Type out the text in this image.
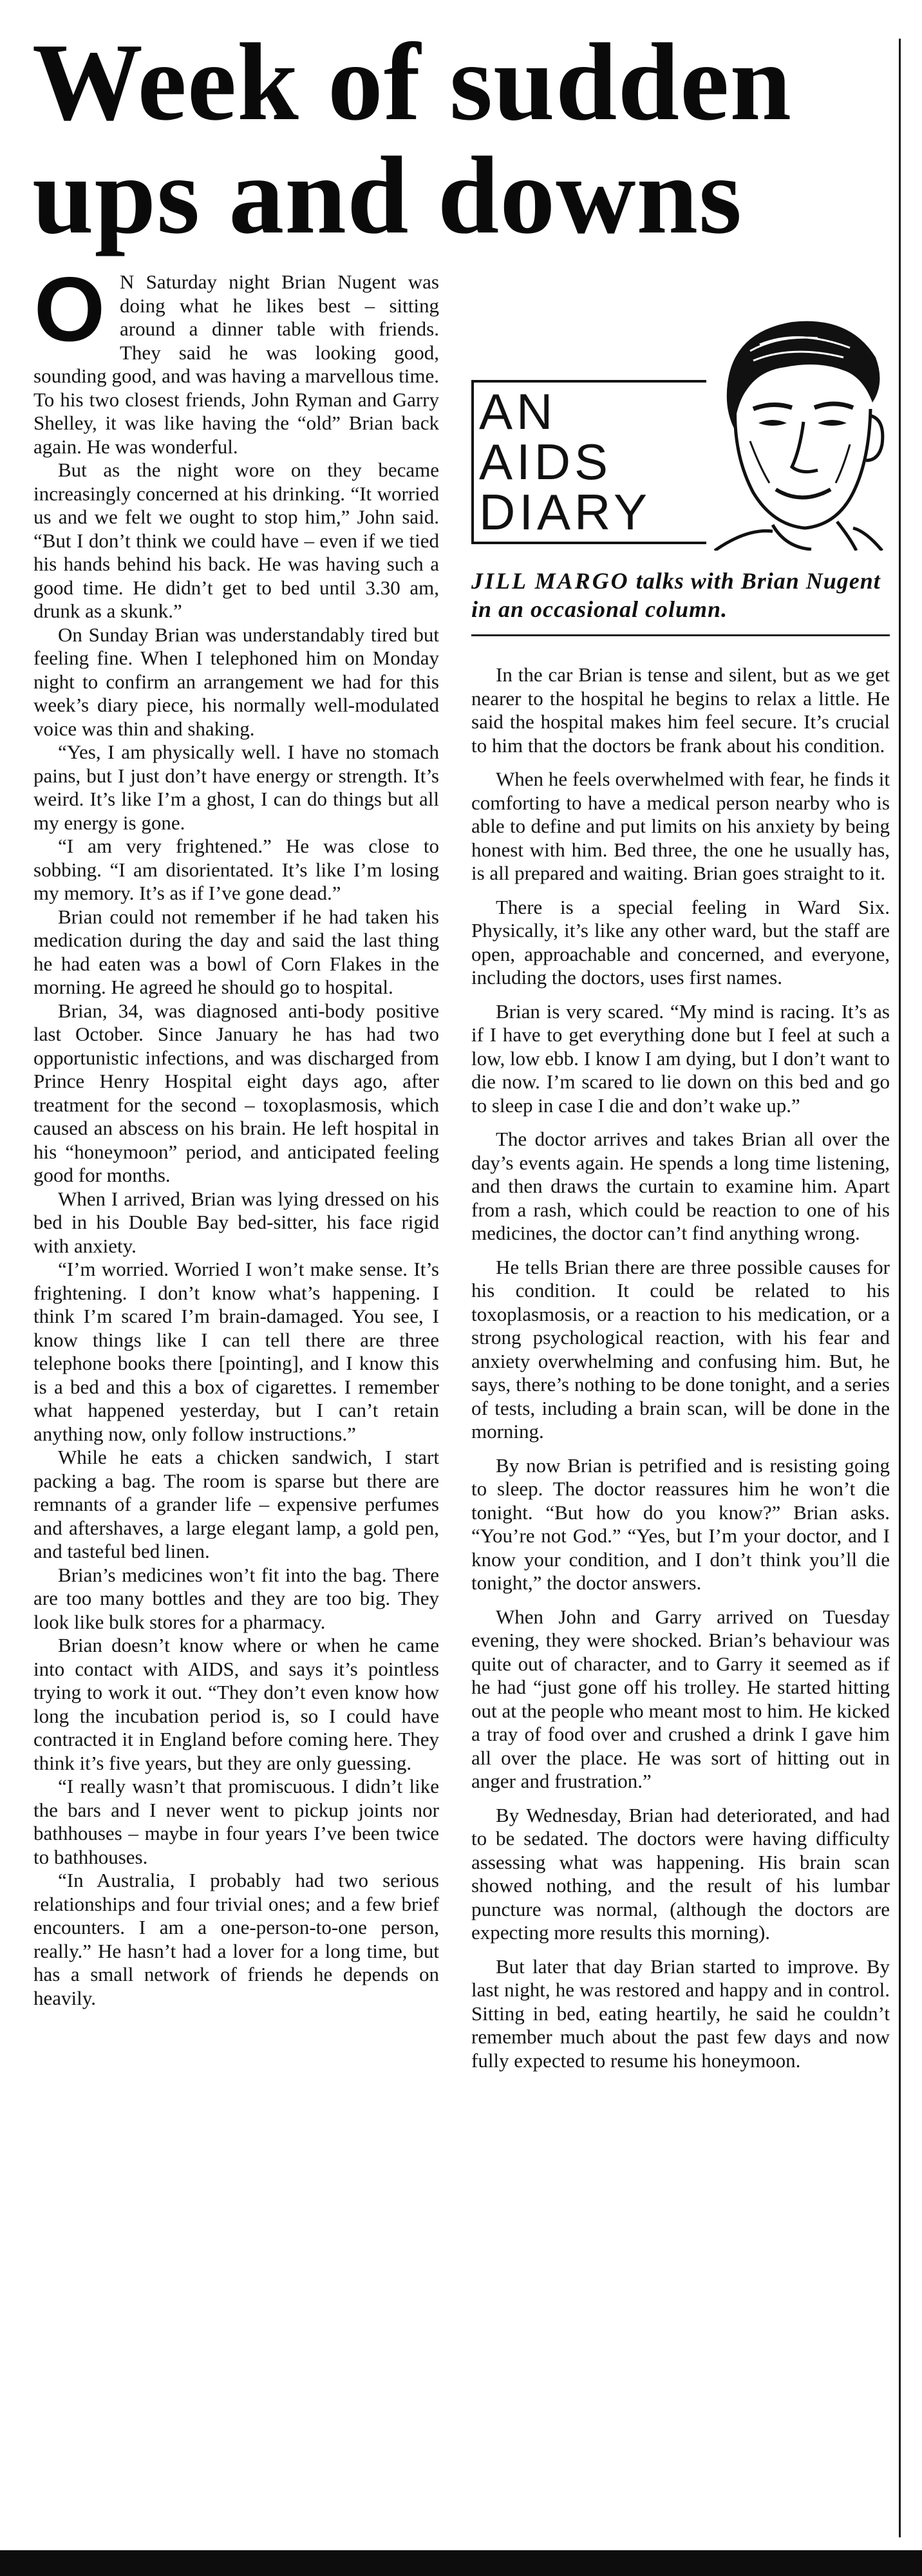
Week of sudden
ups and downs

O N Saturday night Brian Nugent was doing what he likes best – sitting around a dinner table with friends. They said he was looking good, sounding good, and was having a marvellous time. To his two closest friends, John Ryman and Garry Shelley, it was like having the “old” Brian back again. He was wonderful.

But as the night wore on they became increasingly concerned at his drinking. “It worried us and we felt we ought to stop him,” John said. “But I don’t think we could have – even if we tied his hands behind his back. He was having such a good time. He didn’t get to bed until 3.30 am, drunk as a skunk.”

On Sunday Brian was understandably tired but feeling fine. When I telephoned him on Monday night to confirm an arrangement we had for this week’s diary piece, his normally well-modulated voice was thin and shaking.

“Yes, I am physically well. I have no stomach pains, but I just don’t have energy or strength. It’s weird. It’s like I’m a ghost, I can do things but all my energy is gone.

“I am very frightened.” He was close to sobbing. “I am disorientated. It’s like I’m losing my memory. It’s as if I’ve gone dead.”

Brian could not remember if he had taken his medication during the day and said the last thing he had eaten was a bowl of Corn Flakes in the morning. He agreed he should go to hospital.

Brian, 34, was diagnosed anti-body positive last October. Since January he has had two opportunistic infections, and was discharged from Prince Henry Hospital eight days ago, after treatment for the second – toxoplasmosis, which caused an abscess on his brain. He left hospital in his “honeymoon” period, and anticipated feeling good for months.

When I arrived, Brian was lying dressed on his bed in his Double Bay bed-sitter, his face rigid with anxiety.

“I’m worried. Worried I won’t make sense. It’s frightening. I don’t know what’s happening. I think I’m scared I’m brain-damaged. You see, I know things like I can tell there are three telephone books there [pointing], and I know this is a bed and this a box of cigarettes. I remember what happened yesterday, but I can’t retain anything now, only follow instructions.”

While he eats a chicken sandwich, I start packing a bag. The room is sparse but there are remnants of a grander life – expensive perfumes and aftershaves, a large elegant lamp, a gold pen, and tasteful bed linen.

Brian’s medicines won’t fit into the bag. There are too many bottles and they are too big. They look like bulk stores for a pharmacy.

Brian doesn’t know where or when he came into contact with AIDS, and says it’s pointless trying to work it out. “They don’t even know how long the incubation period is, so I could have contracted it in England before coming here. They think it’s five years, but they are only guessing.

“I really wasn’t that promiscuous. I didn’t like the bars and I never went to pickup joints nor bathhouses – maybe in four years I’ve been twice to bathhouses.

“In Australia, I probably had two serious relationships and four trivial ones; and a few brief encounters. I am a one-person-to-one person, really.” He hasn’t had a lover for a long time, but has a small network of friends he depends on heavily.

AN
AIDS
DIARY
JILL MARGO talks with Brian Nugent in an occasional column.

In the car Brian is tense and silent, but as we get nearer to the hospital he begins to relax a little. He said the hospital makes him feel secure. It’s crucial to him that the doctors be frank about his condition.

When he feels overwhelmed with fear, he finds it comforting to have a medical person nearby who is able to define and put limits on his anxiety by being honest with him. Bed three, the one he usually has, is all prepared and waiting. Brian goes straight to it.

There is a special feeling in Ward Six. Physically, it’s like any other ward, but the staff are open, approachable and concerned, and everyone, including the doctors, uses first names.

Brian is very scared. “My mind is racing. It’s as if I have to get everything done but I feel at such a low, low ebb. I know I am dying, but I don’t want to die now. I’m scared to lie down on this bed and go to sleep in case I die and don’t wake up.”

The doctor arrives and takes Brian all over the day’s events again. He spends a long time listening, and then draws the curtain to examine him. Apart from a rash, which could be reaction to one of his medicines, the doctor can’t find anything wrong.

He tells Brian there are three possible causes for his condition. It could be related to his toxoplasmosis, or a reaction to his medication, or a strong psychological reaction, with his fear and anxiety overwhelming and confusing him. But, he says, there’s nothing to be done tonight, and a series of tests, including a brain scan, will be done in the morning.

By now Brian is petrified and is resisting going to sleep. The doctor reassures him he won’t die tonight. “But how do you know?” Brian asks. “You’re not God.” “Yes, but I’m your doctor, and I know your condition, and I don’t think you’ll die tonight,” the doctor answers.

When John and Garry arrived on Tuesday evening, they were shocked. Brian’s behaviour was quite out of character, and to Garry it seemed as if he had “just gone off his trolley. He started hitting out at the people who meant most to him. He kicked a tray of food over and crushed a drink I gave him all over the place. He was sort of hitting out in anger and frustration.”

By Wednesday, Brian had deteriorated, and had to be sedated. The doctors were having difficulty assessing what was happening. His brain scan showed nothing, and the result of his lumbar puncture was normal, (although the doctors are expecting more results this morning).

But later that day Brian started to improve. By last night, he was restored and happy and in control. Sitting in bed, eating heartily, he said he couldn’t remember much about the past few days and now fully expected to resume his honeymoon.
